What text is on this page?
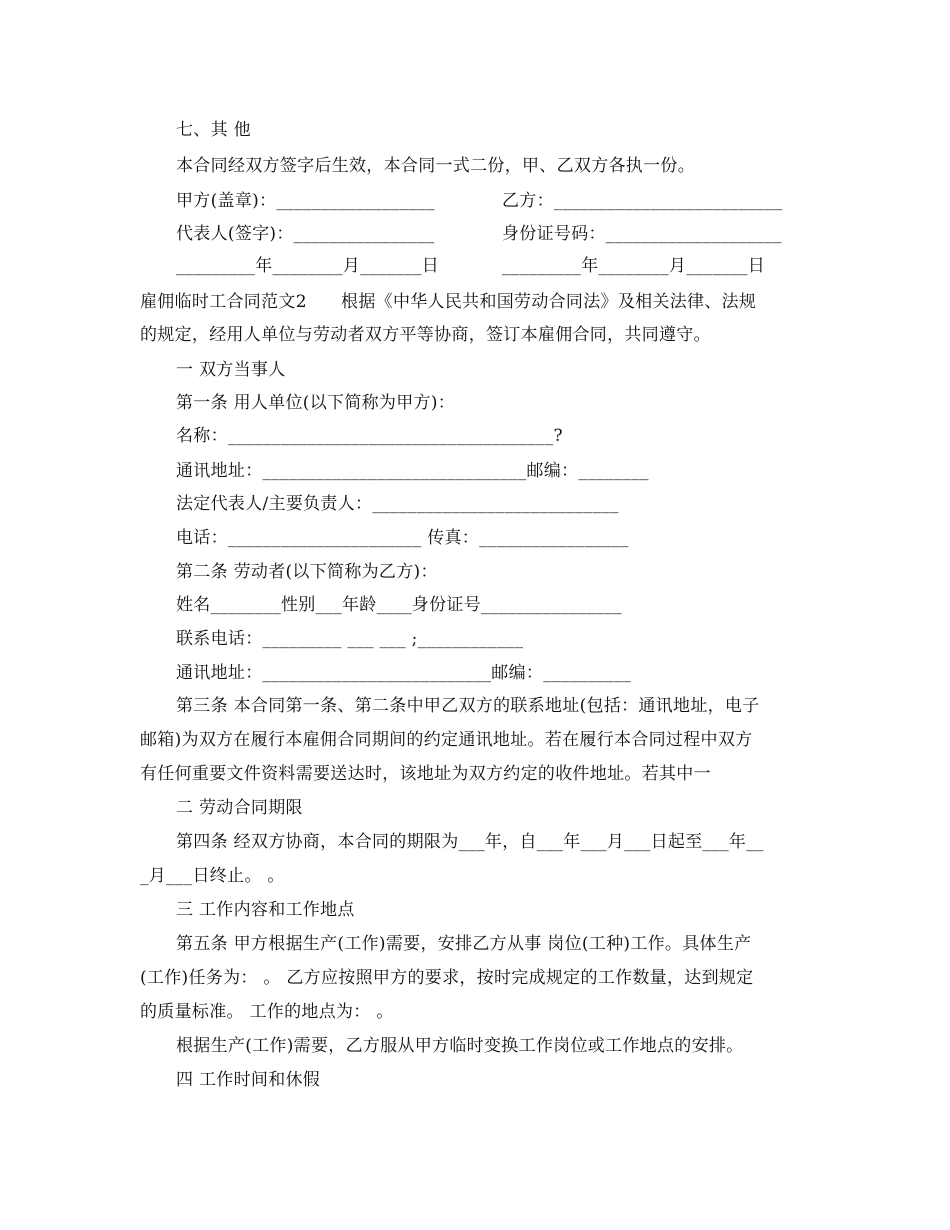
七、其 他
本合同经双方签字后生效，本合同一式二份，甲、乙双方各执一份。
甲方(盖章)：__________________	乙方：__________________________
代表人(签字)：________________	身份证号码：____________________
_________年________月_______日	_________年________月_______日
雇佣临时工合同范文2      根据《中华人民共和国劳动合同法》及相关法律、法规
的规定，经用人单位与劳动者双方平等协商，签订本雇佣合同，共同遵守。
一 双方当事人
第一条 用人单位(以下简称为甲方)：
名称：_____________________________________?
通讯地址：______________________________邮编：________
法定代表人/主要负责人：____________________________
电话：______________________ 传真：_________________
第二条 劳动者(以下简称为乙方)：
姓名________性别___年龄____身份证号________________
联系电话：_________ ___ ___ ;____________
通讯地址：__________________________邮编：__________
第三条 本合同第一条、第二条中甲乙双方的联系地址(包括：通讯地址，电子
邮箱)为双方在履行本雇佣合同期间的约定通讯地址。若在履行本合同过程中双方
有任何重要文件资料需要送达时，该地址为双方约定的收件地址。若其中一
二 劳动合同期限
第四条 经双方协商，本合同的期限为___年，自___年___月___日起至___年__
_月___日终止。 。
三 工作内容和工作地点
第五条 甲方根据生产(工作)需要，安排乙方从事 岗位(工种)工作。具体生产
(工作)任务为： 。 乙方应按照甲方的要求，按时完成规定的工作数量，达到规定
的质量标准。 工作的地点为： 。
根据生产(工作)需要，乙方服从甲方临时变换工作岗位或工作地点的安排。
四 工作时间和休假
